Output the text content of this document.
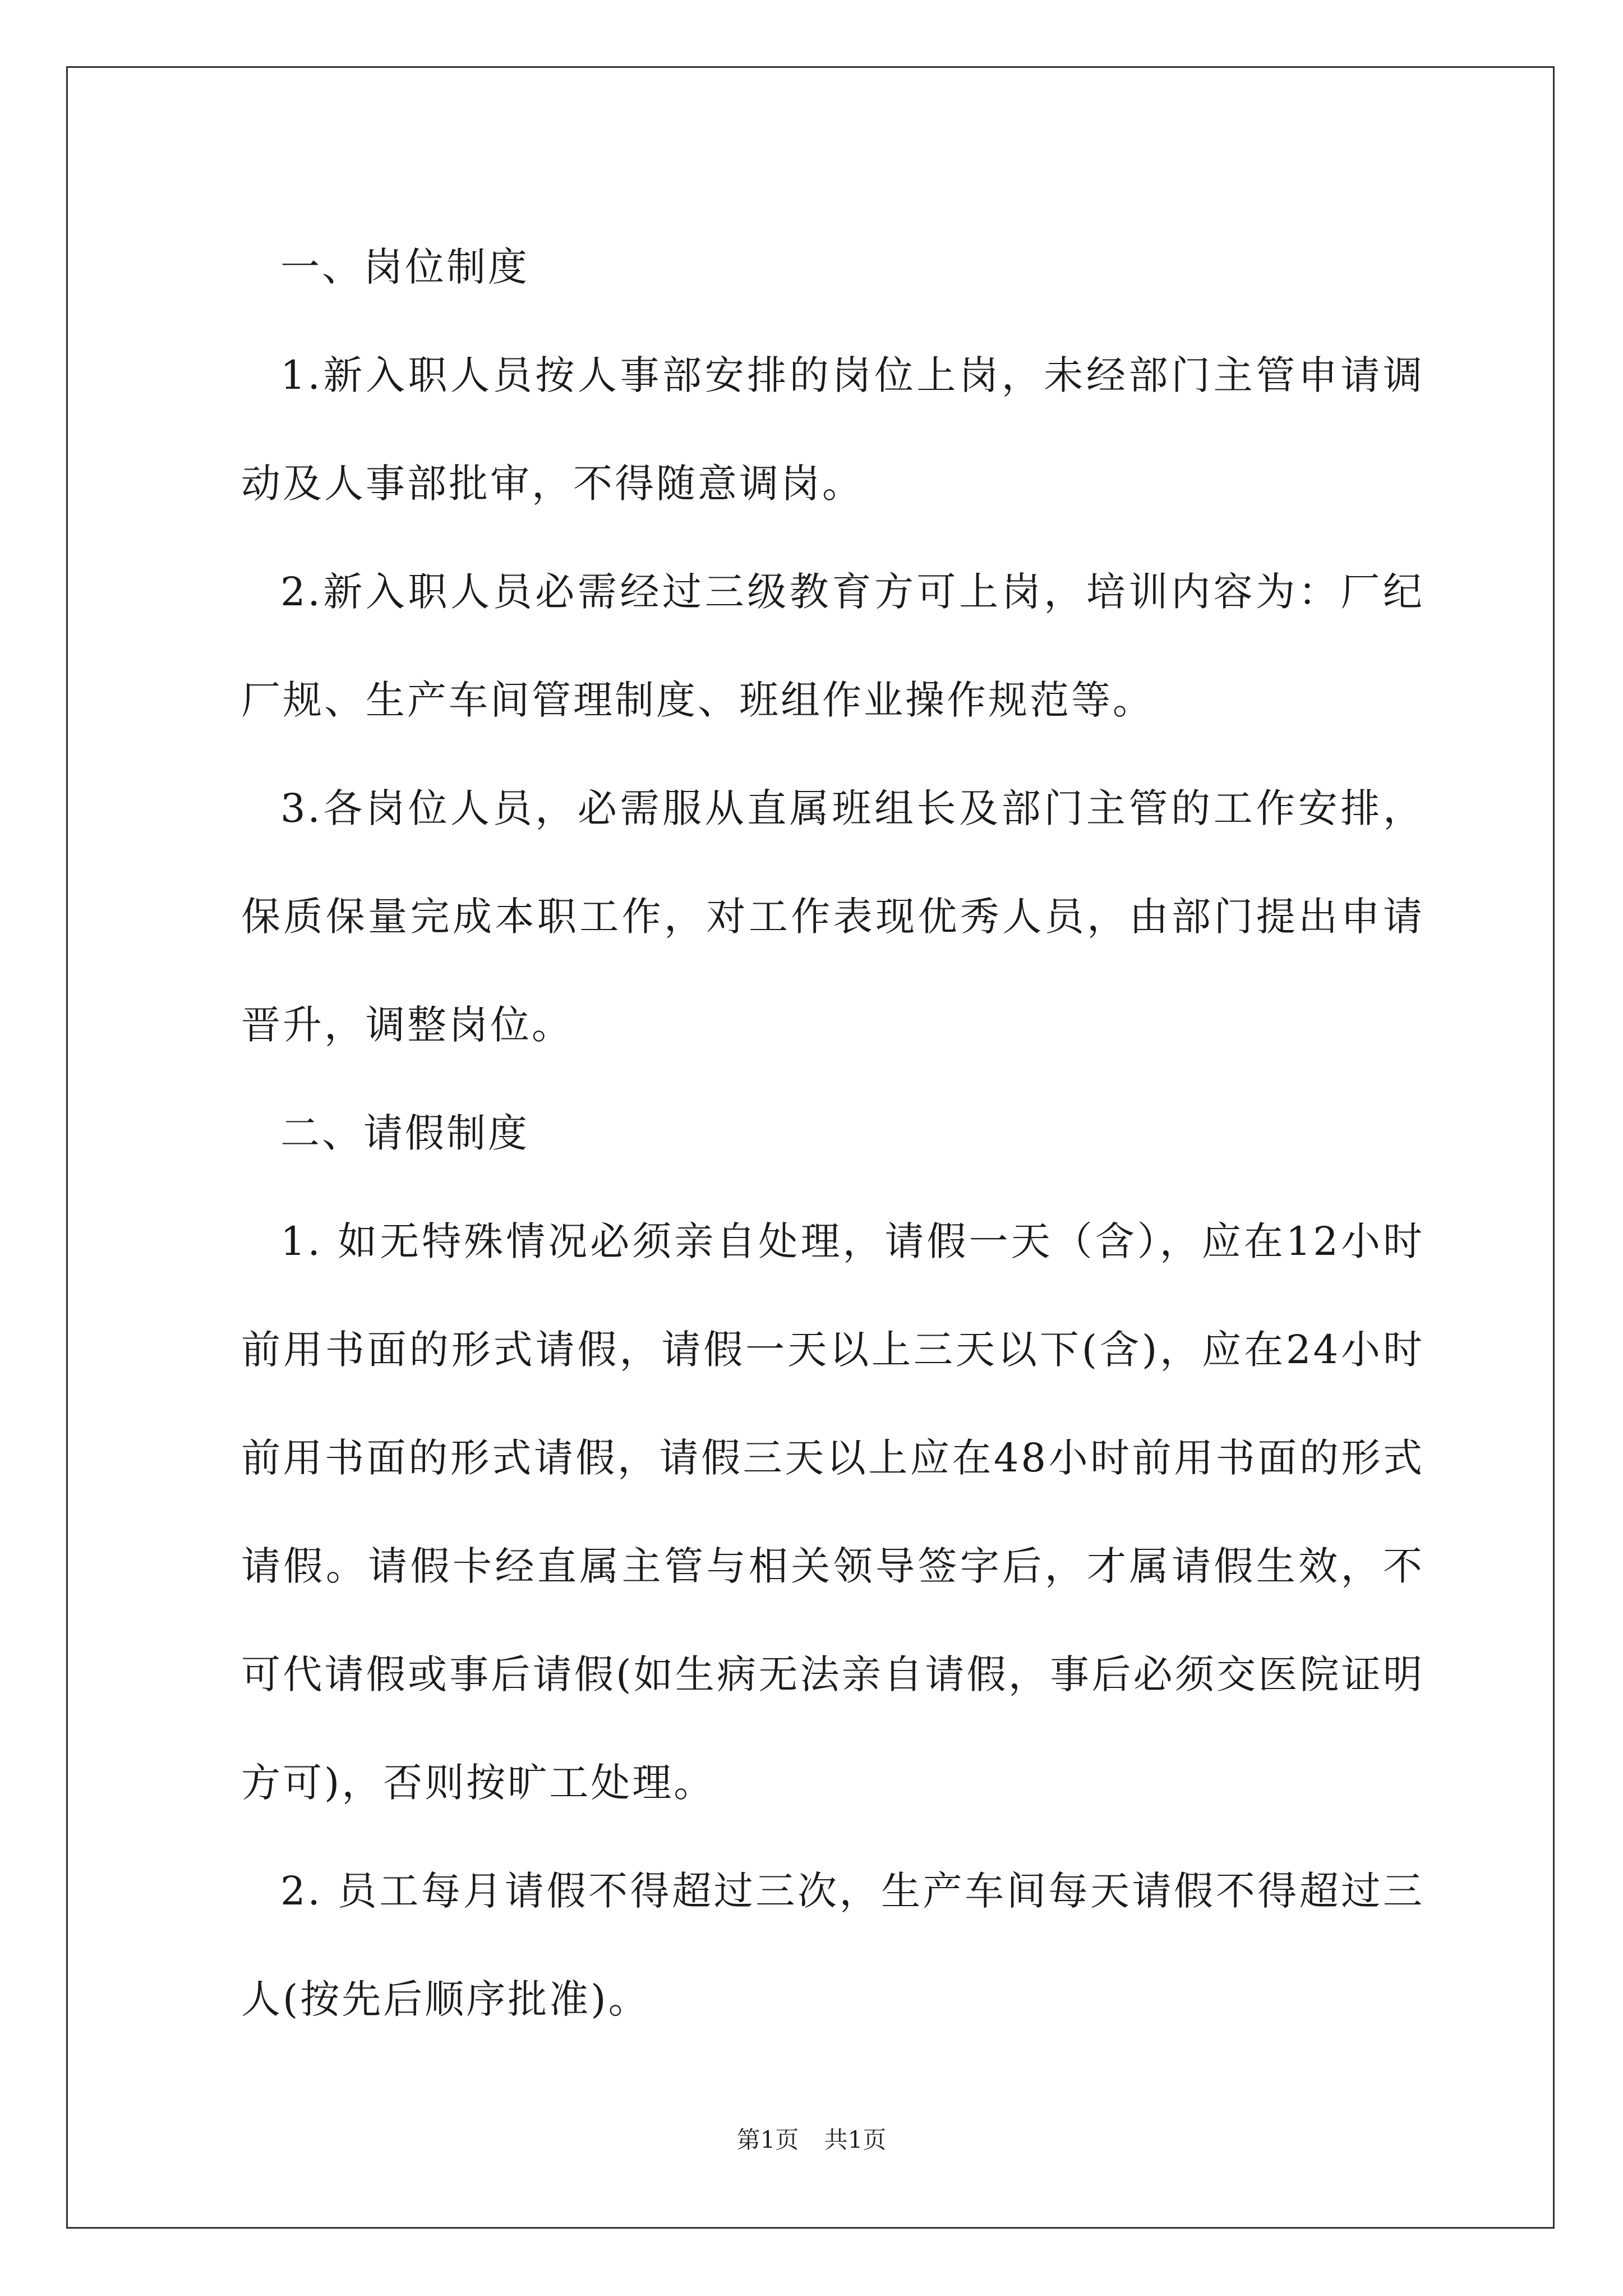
一、岗位制度

1.新入职人员按人事部安排的岗位上岗，未经部门主管申请调动及人事部批审，不得随意调岗。

2.新入职人员必需经过三级教育方可上岗，培训内容为：厂纪厂规、生产车间管理制度、班组作业操作规范等。

3.各岗位人员，必需服从直属班组长及部门主管的工作安排，保质保量完成本职工作，对工作表现优秀人员，由部门提出申请晋升，调整岗位。

二、请假制度

1. 如无特殊情况必须亲自处理，请假一天（含），应在12小时前用书面的形式请假，请假一天以上三天以下(含)，应在24小时前用书面的形式请假，请假三天以上应在48小时前用书面的形式请假。请假卡经直属主管与相关领导签字后，才属请假生效，不可代请假或事后请假(如生病无法亲自请假，事后必须交医院证明方可)，否则按旷工处理。

2. 员工每月请假不得超过三次，生产车间每天请假不得超过三人(按先后顺序批准)。

第1页 共1页
